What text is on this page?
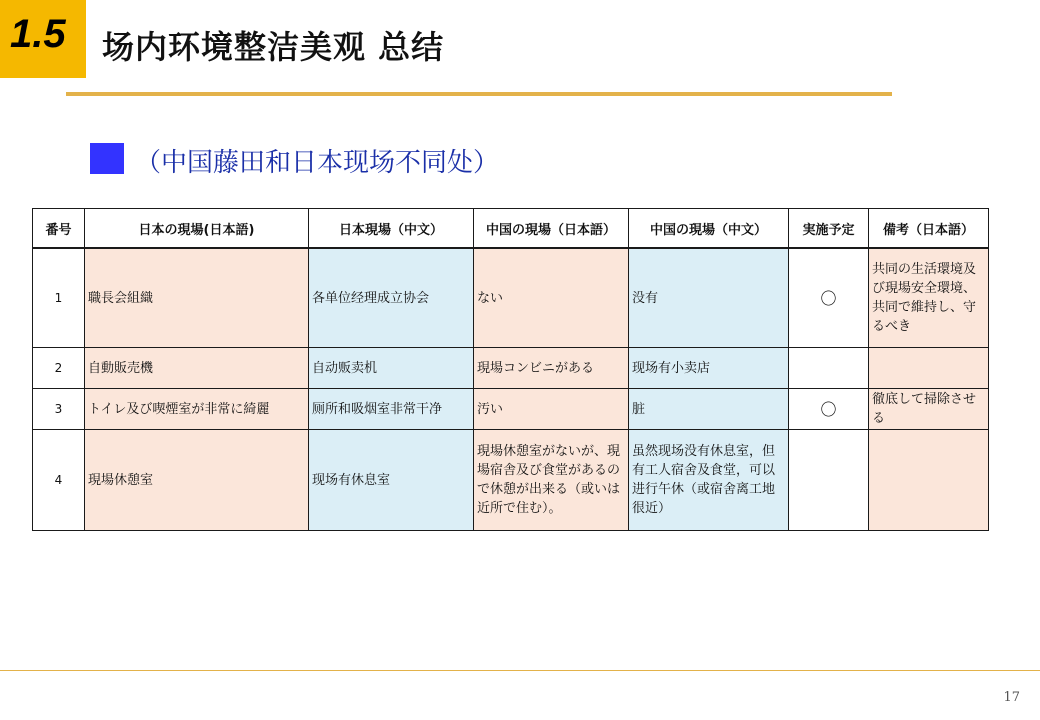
1.5 场内环境整洁美观 总结
（中国藤田和日本现场不同处）
番号	日本の現場(日本語)	日本現場（中文）	中国の現場（日本語）	中国の現場（中文）	実施予定	備考（日本語）
1	職長会組織	各单位经理成立协会	ない	没有	〇	共同の生活環境及び現場安全環境、共同で維持し、守るべき
2	自動販売機	自动贩卖机	現場コンビニがある	现场有小卖店		
3	トイレ及び喫煙室が非常に綺麗	厕所和吸烟室非常干净	汚い	脏	〇	徹底して掃除させる
4	現場休憩室	现场有休息室	現場休憩室がないが、現場宿舎及び食堂があるので休憩が出来る（或いは近所で住む）。	虽然现场没有休息室，但有工人宿舍及食堂，可以进行午休（或宿舍离工地很近）		
17
